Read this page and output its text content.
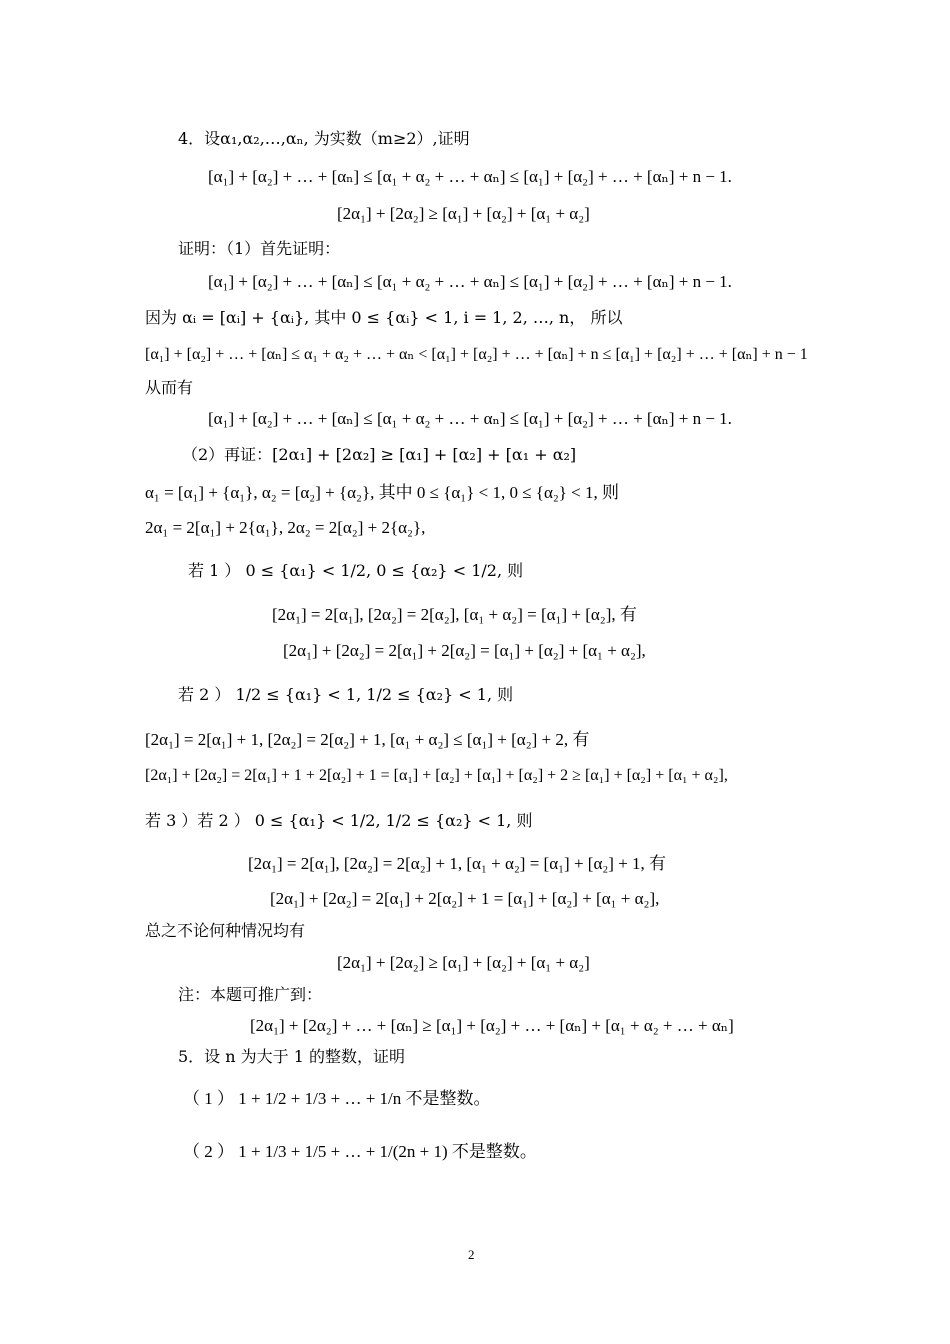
4．设α₁,α₂,…,αₙ, 为实数（m≥2）,证明
[α₁] + [α₂] + … + [αₙ] ≤ [α₁ + α₂ + … + αₙ] ≤ [α₁] + [α₂] + … + [αₙ] + n − 1.
[2α₁] + [2α₂] ≥ [α₁] + [α₂] + [α₁ + α₂]
证明：（1）首先证明：
[α₁] + [α₂] + … + [αₙ] ≤ [α₁ + α₂ + … + αₙ] ≤ [α₁] + [α₂] + … + [αₙ] + n − 1.
因为 αᵢ = [αᵢ] + {αᵢ}, 其中 0 ≤ {αᵢ} < 1, i = 1, 2, …, n， 所以
[α₁] + [α₂] + … + [αₙ] ≤ α₁ + α₂ + … + αₙ < [α₁] + [α₂] + … + [αₙ] + n ≤ [α₁] + [α₂] + … + [αₙ] + n − 1
从而有
[α₁] + [α₂] + … + [αₙ] ≤ [α₁ + α₂ + … + αₙ] ≤ [α₁] + [α₂] + … + [αₙ] + n − 1.
（2）再证：[2α₁] + [2α₂] ≥ [α₁] + [α₂] + [α₁ + α₂]
α₁ = [α₁] + {α₁}, α₂ = [α₂] + {α₂}, 其中 0 ≤ {α₁} < 1, 0 ≤ {α₂} < 1, 则
2α₁ = 2[α₁] + 2{α₁}, 2α₂ = 2[α₂] + 2{α₂},
若 1 ） 0 ≤ {α₁} < 1/2, 0 ≤ {α₂} < 1/2, 则
[2α₁] = 2[α₁], [2α₂] = 2[α₂], [α₁ + α₂] = [α₁] + [α₂], 有
[2α₁] + [2α₂] = 2[α₁] + 2[α₂] = [α₁] + [α₂] + [α₁ + α₂],
若 2 ） 1/2 ≤ {α₁} < 1, 1/2 ≤ {α₂} < 1, 则
[2α₁] = 2[α₁] + 1, [2α₂] = 2[α₂] + 1, [α₁ + α₂] ≤ [α₁] + [α₂] + 2, 有
[2α₁] + [2α₂] = 2[α₁] + 1 + 2[α₂] + 1 = [α₁] + [α₂] + [α₁] + [α₂] + 2 ≥ [α₁] + [α₂] + [α₁ + α₂],
若 3 ）若 2 ） 0 ≤ {α₁} < 1/2, 1/2 ≤ {α₂} < 1, 则
[2α₁] = 2[α₁], [2α₂] = 2[α₂] + 1, [α₁ + α₂] = [α₁] + [α₂] + 1, 有
[2α₁] + [2α₂] = 2[α₁] + 2[α₂] + 1 = [α₁] + [α₂] + [α₁ + α₂],
总之不论何种情况均有
[2α₁] + [2α₂] ≥ [α₁] + [α₂] + [α₁ + α₂]
注：本题可推广到：
[2α₁] + [2α₂] + … + [αₙ] ≥ [α₁] + [α₂] + … + [αₙ] + [α₁ + α₂ + … + αₙ]
5．设 n 为大于 1 的整数，证明
（ 1 ） 1 + 1/2 + 1/3 + … + 1/n 不是整数。
（ 2 ） 1 + 1/3 + 1/5 + … + 1/(2n + 1) 不是整数。
2
